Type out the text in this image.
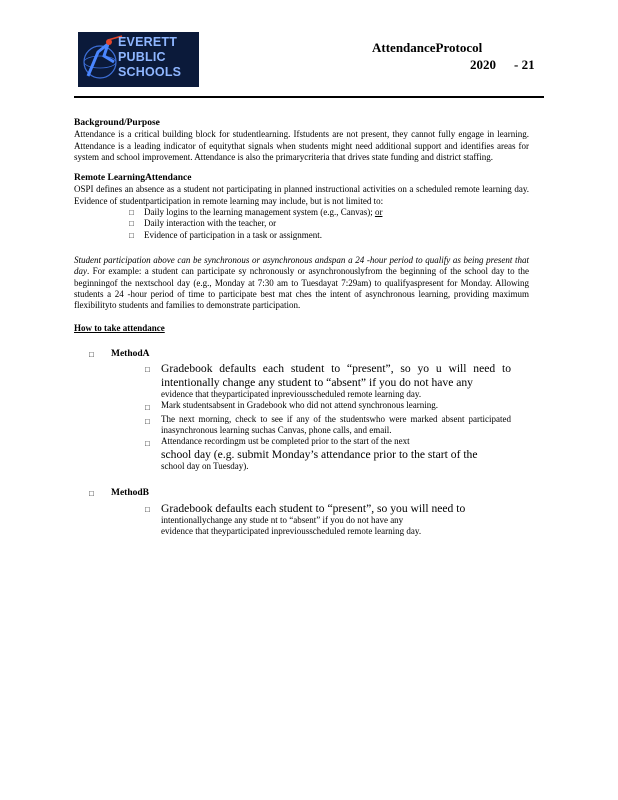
EVERETT
PUBLIC
SCHOOLS
AttendanceProtocol
2020 - 21
Background/Purpose

Attendance is a critical building block for studentlearning. Ifstudents are not present, they cannot fully engage in learning. Attendance is a leading indicator of equitythat signals when students might need additional support and identifies areas for system and school improvement. Attendance is also the primarycriteria that drives state funding and district staffing.

Remote LearningAttendance

OSPI defines an absence as a student not participating in planned instructional activities on a scheduled remote learning day. Evidence of studentparticipation in remote learning may include, but is not limited to:

□	Daily logins to the learning management system (e.g., Canvas);
or
□	Daily interaction with the teacher, or
□	Evidence of participation in a task or assignment.

Student participation above can be synchronous or asynchronous andspan a 24 -hour period to qualify as being present that day. For example: a student can participate sy nchronously or asynchronouslyfrom the beginning of the school day to the beginningof the nextschool day (e.g., Monday at 7:30 am to Tuesdayat 7:29am) to qualifyaspresent for Monday. Allowing students a 24 -hour period of time to participate best mat ches the intent of asynchronous learning, providing maximum flexibilityto students and families to demonstrate participation.

How to take attendance
□	MethodA
□ Gradebook defaults each student to “present”, so yo u will need to intentionally change any student to “absent” if you do not have any
evidence that theyparticipated inpreviousscheduled remote learning day.
□	Mark studentsabsent in Gradebook who did not attend synchronous learning.
□	The next morning, check to see if any of the studentswho were marked absent participated inasynchronous learning suchas Canvas, phone calls, and email.
□	Attendance recordingm ust be completed prior to the start of the next
school day (e.g. submit Monday’s attendance prior to the start of the
school day on Tuesday).
□	MethodB
□ Gradebook defaults each student to “present”, so you will need to
intentionallychange any stude nt to “absent” if you do not have any
evidence that theyparticipated inpreviousscheduled remote learning day.
